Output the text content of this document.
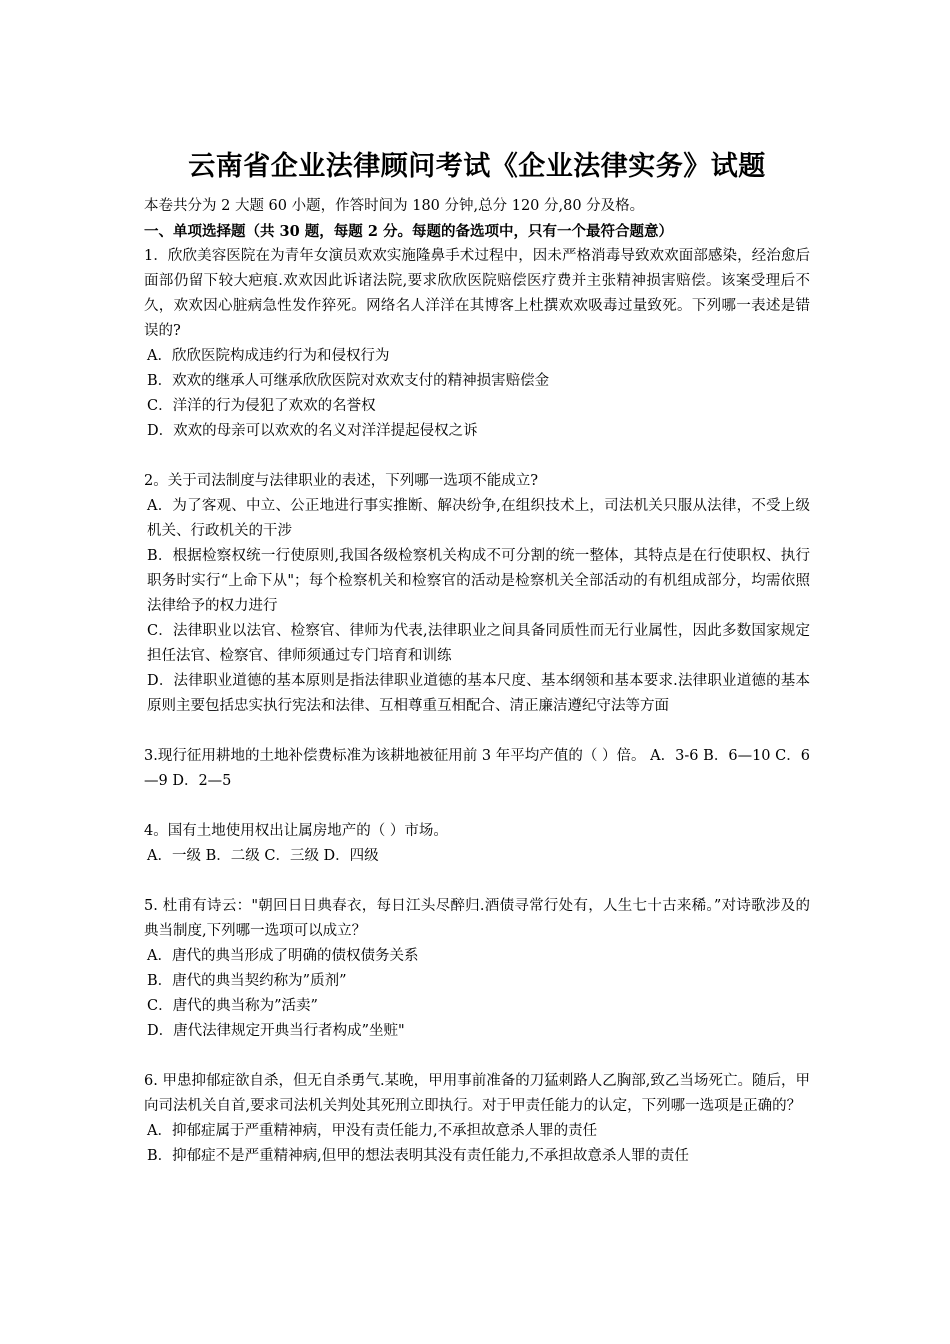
云南省企业法律顾问考试《企业法律实务》试题

本卷共分为 2 大题 60 小题，作答时间为 180 分钟,总分 120 分,80 分及格。

一、单项选择题（共 30 题，每题 2 分。每题的备选项中，只有一个最符合题意）

1．欣欣美容医院在为青年女演员欢欢实施隆鼻手术过程中，因未严格消毒导致欢欢面部感染，经治愈后面部仍留下较大疤痕.欢欢因此诉诸法院,要求欣欣医院赔偿医疗费并主张精神损害赔偿。该案受理后不久，欢欢因心脏病急性发作猝死。网络名人洋洋在其博客上杜撰欢欢吸毒过量致死。下列哪一表述是错误的?

A．欣欣医院构成违约行为和侵权行为

B．欢欢的继承人可继承欣欣医院对欢欢支付的精神损害赔偿金

C．洋洋的行为侵犯了欢欢的名誉权

D．欢欢的母亲可以欢欢的名义对洋洋提起侵权之诉

2。关于司法制度与法律职业的表述，下列哪一选项不能成立?

A．为了客观、中立、公正地进行事实推断、解决纷争,在组织技术上，司法机关只服从法律，不受上级机关、行政机关的干涉

B．根据检察权统一行使原则,我国各级检察机关构成不可分割的统一整体，其特点是在行使职权、执行职务时实行“上命下从"；每个检察机关和检察官的活动是检察机关全部活动的有机组成部分，均需依照法律给予的权力进行

C．法律职业以法官、检察官、律师为代表,法律职业之间具备同质性而无行业属性，因此多数国家规定担任法官、检察官、律师须通过专门培育和训练

D．法律职业道德的基本原则是指法律职业道德的基本尺度、基本纲领和基本要求.法律职业道德的基本原则主要包括忠实执行宪法和法律、互相尊重互相配合、清正廉洁遵纪守法等方面

3.现行征用耕地的土地补偿费标准为该耕地被征用前 3 年平均产值的（ ）倍。 A．3-6 B．6—10 C．6—9 D．2—5

4。国有土地使用权出让属房地产的（ ）市场。

A．一级 B．二级 C．三级 D．四级

5. 杜甫有诗云："朝回日日典春衣，每日江头尽醉归.酒债寻常行处有，人生七十古来稀。”对诗歌涉及的典当制度,下列哪一选项可以成立？

A．唐代的典当形成了明确的债权债务关系

B．唐代的典当契约称为”质剂”

C．唐代的典当称为”活卖”

D．唐代法律规定开典当行者构成”坐赃"

6. 甲患抑郁症欲自杀，但无自杀勇气.某晚，甲用事前准备的刀猛刺路人乙胸部,致乙当场死亡。随后，甲向司法机关自首,要求司法机关判处其死刑立即执行。对于甲责任能力的认定，下列哪一选项是正确的？

A．抑郁症属于严重精神病，甲没有责任能力,不承担故意杀人罪的责任

B．抑郁症不是严重精神病,但甲的想法表明其没有责任能力,不承担故意杀人罪的责任
